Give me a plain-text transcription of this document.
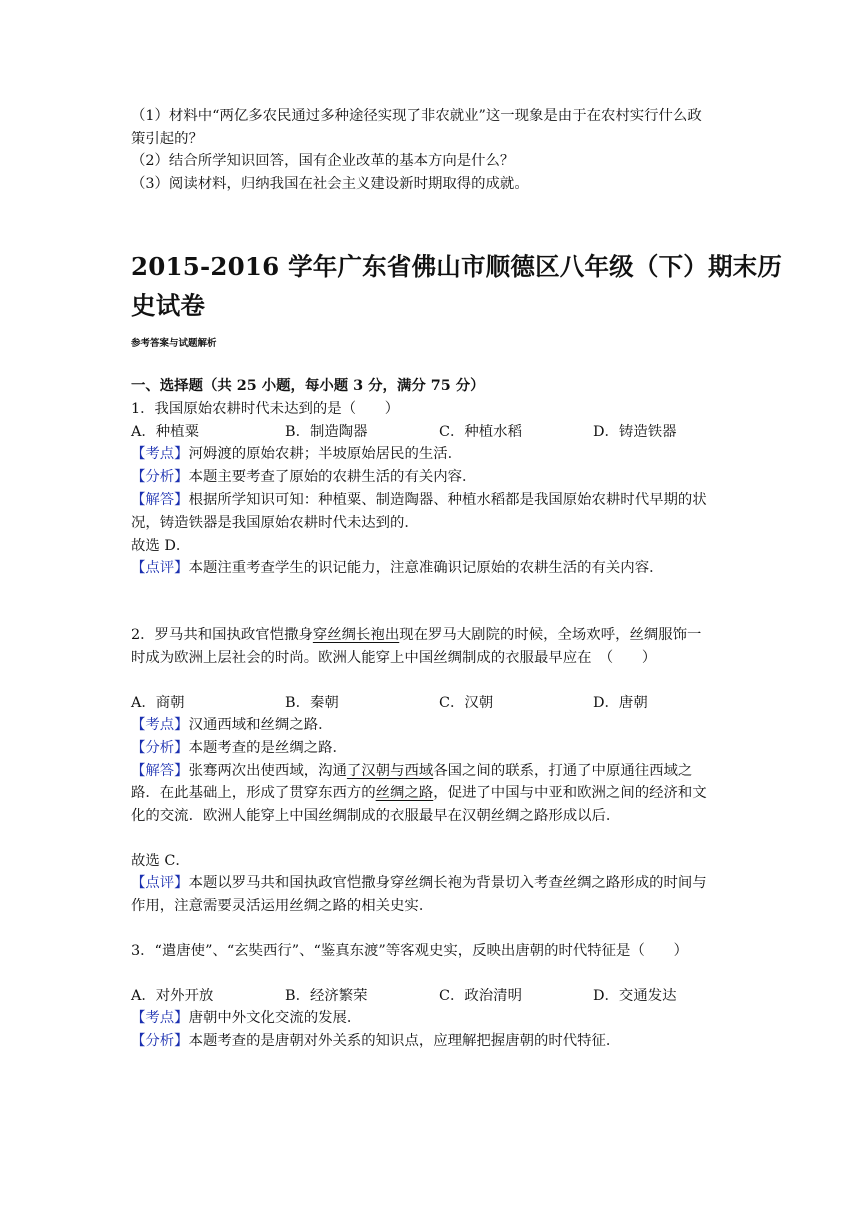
（1）材料中“两亿多农民通过多种途径实现了非农就业”这一现象是由于在农村实行什么政
策引起的？
（2）结合所学知识回答，国有企业改革的基本方向是什么？
（3）阅读材料，归纳我国在社会主义建设新时期取得的成就。
2015-2016 学年广东省佛山市顺德区八年级（下）期末历
史试卷
参考答案与试题解析
一、选择题（共 25 小题，每小题 3 分，满分 75 分）
1．我国原始农耕时代未达到的是（　　）
A．种植粟	B．制造陶器	C．种植水稻	D．铸造铁器
【考点】河姆渡的原始农耕；半坡原始居民的生活．
【分析】本题主要考查了原始的农耕生活的有关内容．
【解答】根据所学知识可知：种植粟、制造陶器、种植水稻都是我国原始农耕时代早期的状
况，铸造铁器是我国原始农耕时代未达到的．
故选 D．
【点评】本题注重考查学生的识记能力，注意准确识记原始的农耕生活的有关内容．
2．罗马共和国执政官恺撒身穿丝绸长袍出现在罗马大剧院的时候，全场欢呼，丝绸服饰一
时成为欧洲上层社会的时尚。欧洲人能穿上中国丝绸制成的衣服最早应在　（　　）
A．商朝	B．秦朝	C．汉朝	D．唐朝
【考点】汉通西域和丝绸之路．
【分析】本题考查的是丝绸之路．
【解答】张骞两次出使西域，沟通了汉朝与西域各国之间的联系，打通了中原通往西域之
路．在此基础上，形成了贯穿东西方的丝绸之路，促进了中国与中亚和欧洲之间的经济和文
化的交流．欧洲人能穿上中国丝绸制成的衣服最早在汉朝丝绸之路形成以后．
故选 C．
【点评】本题以罗马共和国执政官恺撒身穿丝绸长袍为背景切入考查丝绸之路形成的时间与
作用，注意需要灵活运用丝绸之路的相关史实．
3．“遣唐使”、“玄奘西行”、“鉴真东渡”等客观史实，反映出唐朝的时代特征是（　　）
A．对外开放	B．经济繁荣	C．政治清明	D．交通发达
【考点】唐朝中外文化交流的发展．
【分析】本题考查的是唐朝对外关系的知识点，应理解把握唐朝的时代特征．
